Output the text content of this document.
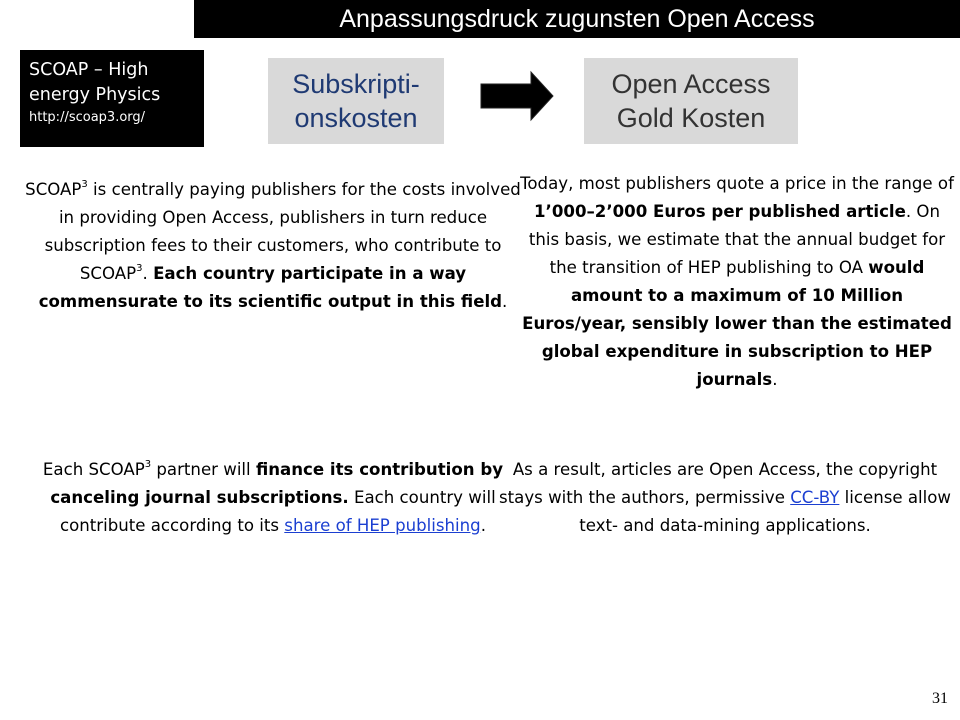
Anpassungsdruck zugunsten Open Access
SCOAP – High
energy Physics
http://scoap3.org/
Subskripti-
onskosten
Open Access
Gold Kosten
SCOAP$^3$ is centrally paying publishers for the costs involved in providing Open Access, publishers in turn reduce subscription fees to their customers, who contribute to SCOAP$^3$. Each country participate in a way commensurate to its scientific output in this field.
Today, most publishers quote a price in the range of 1’000–2’000 Euros per published article. On this basis, we estimate that the annual budget for the transition of HEP publishing to OA would amount to a maximum of 10 Million Euros/year, sensibly lower than the estimated global expenditure in subscription to HEP journals.
Each SCOAP$^3$ partner will finance its contribution by canceling journal subscriptions. Each country will contribute according to its share of HEP publishing.
As a result, articles are Open Access, the copyright stays with the authors, permissive CC-BY license allow text- and data-mining applications.
31
